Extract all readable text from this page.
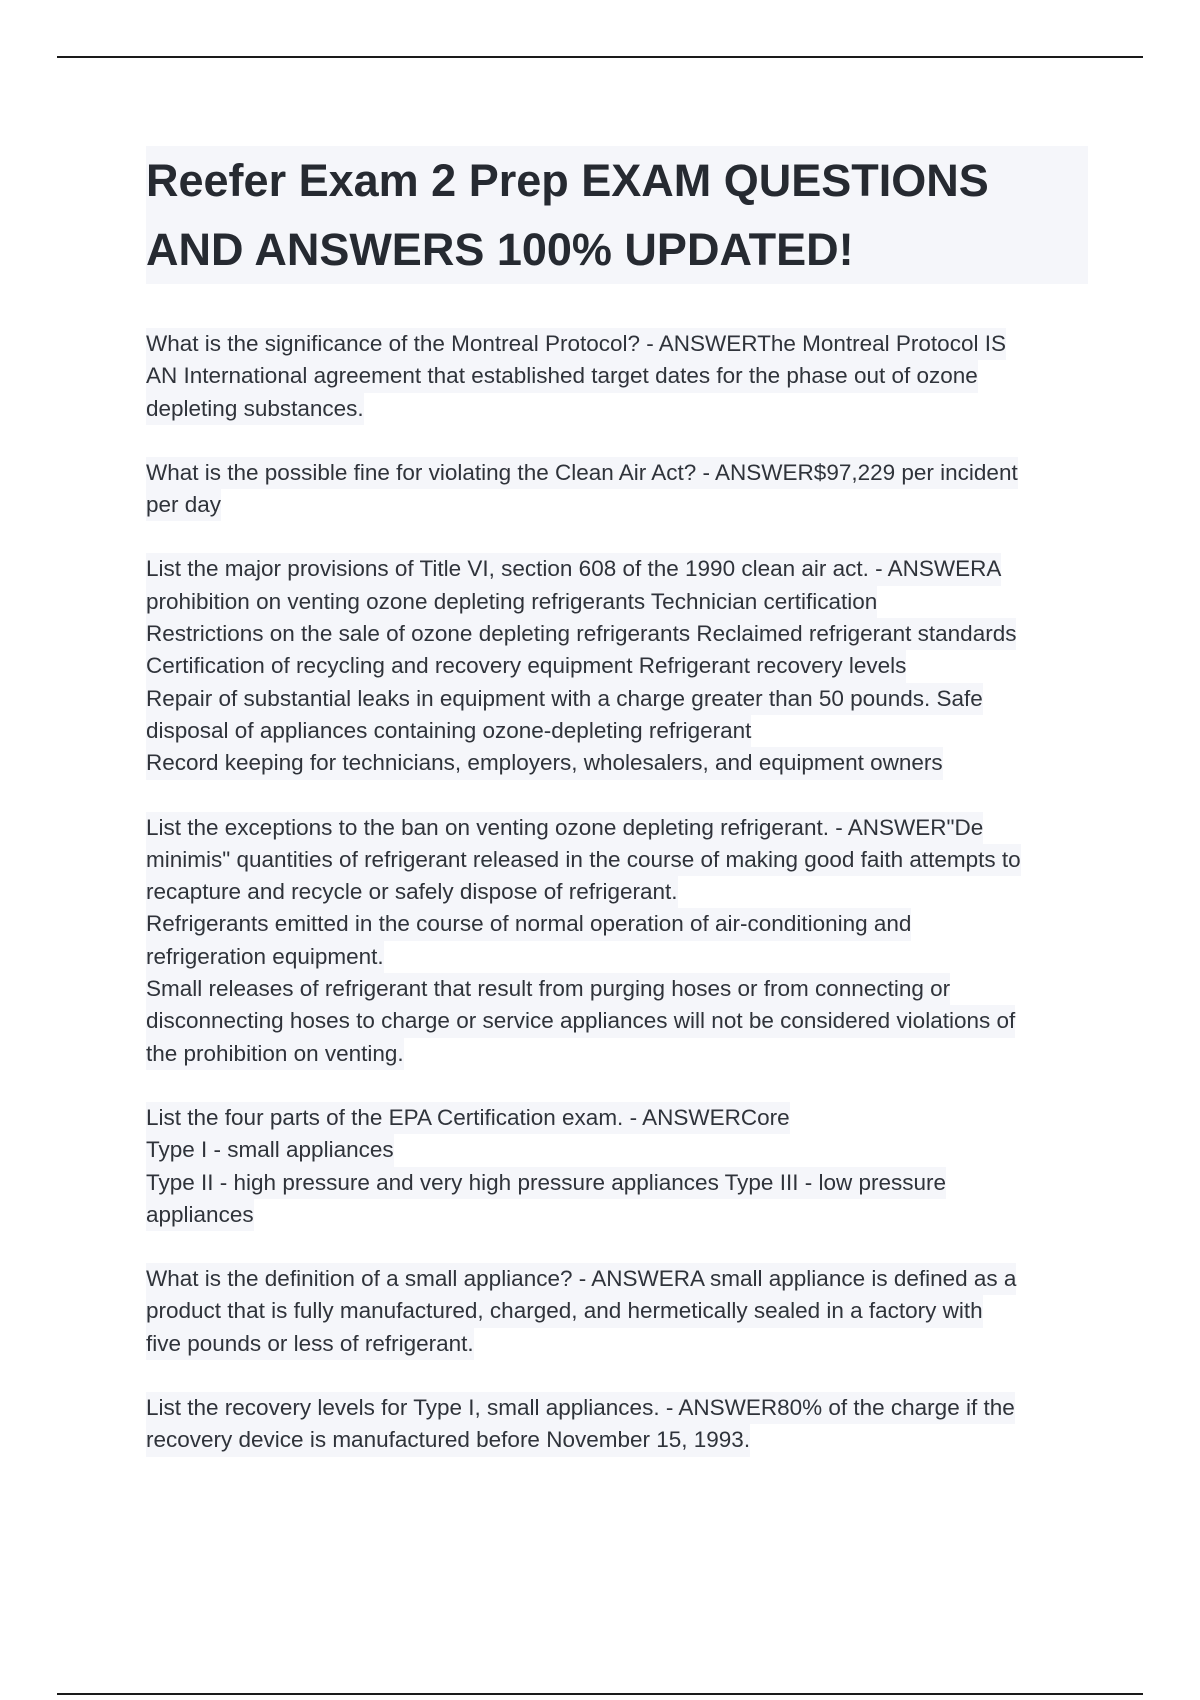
Reefer Exam 2 Prep EXAM QUESTIONS
AND ANSWERS 100% UPDATED!
What is the significance of the Montreal Protocol? - ANSWERThe Montreal Protocol IS
AN International agreement that established target dates for the phase out of ozone
depleting substances.
What is the possible fine for violating the Clean Air Act? - ANSWER$97,229 per incident
per day
List the major provisions of Title VI, section 608 of the 1990 clean air act. - ANSWERA
prohibition on venting ozone depleting refrigerants Technician certification
Restrictions on the sale of ozone depleting refrigerants Reclaimed refrigerant standards
Certification of recycling and recovery equipment Refrigerant recovery levels
Repair of substantial leaks in equipment with a charge greater than 50 pounds. Safe
disposal of appliances containing ozone-depleting refrigerant
Record keeping for technicians, employers, wholesalers, and equipment owners
List the exceptions to the ban on venting ozone depleting refrigerant. - ANSWER"De
minimis" quantities of refrigerant released in the course of making good faith attempts to
recapture and recycle or safely dispose of refrigerant.
Refrigerants emitted in the course of normal operation of air-conditioning and
refrigeration equipment.
Small releases of refrigerant that result from purging hoses or from connecting or
disconnecting hoses to charge or service appliances will not be considered violations of
the prohibition on venting.
List the four parts of the EPA Certification exam. - ANSWERCore
Type I - small appliances
Type II - high pressure and very high pressure appliances Type III - low pressure
appliances
What is the definition of a small appliance? - ANSWERA small appliance is defined as a
product that is fully manufactured, charged, and hermetically sealed in a factory with
five pounds or less of refrigerant.
List the recovery levels for Type I, small appliances. - ANSWER80% of the charge if the
recovery device is manufactured before November 15, 1993.
